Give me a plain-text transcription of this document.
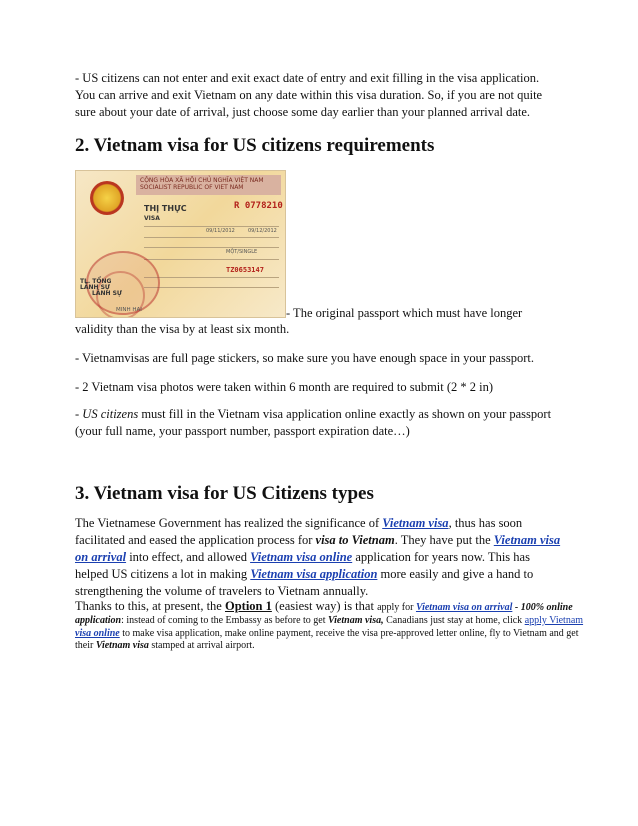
- US citizens can not enter and exit exact date of entry and exit filling in the visa application.

You can arrive and exit Vietnam on any date within this visa duration. So, if you are not quite

sure about your date of arrival, just choose some day earlier than your planned arrival date.

2. Vietnam visa for US citizens requirements
CỘNG HÒA XÃ HỘI CHỦ NGHĨA VIỆT NAM
SOCIALIST REPUBLIC OF VIET NAM
THỊ THỰC
VISA
R 0778210
09/11/2012	09/12/2012
MỘT/SINGLE
TZ0653147
TL. TỔNG LÃNH SỰ
LÃNH SỰ
MINH HAI	- The original passport which must have longer

validity than the visa by at least six month.

- Vietnamvisas are full page stickers, so make sure you have enough space in your passport.

- 2 Vietnam visa photos were taken within 6 month are required to submit (2 * 2 in)

- US citizens must fill in the Vietnam visa application online exactly as shown on your passport

(your full name, your passport number, passport expiration date…)

3. Vietnam visa for US Citizens types

The Vietnamese Government has realized the significance of Vietnam visa, thus has soon

facilitated and eased the application process for visa to Vietnam. They have put the Vietnam visa

on arrival into effect, and allowed Vietnam visa online application for years now. This has

helped US citizens a lot in making Vietnam visa application more easily and give a hand to

strengthening the volume of travelers to Vietnam annually.

Thanks to this, at present, the Option 1 (easiest way) is that apply for Vietnam visa on arrival - 100% online

application: instead of coming to the Embassy as before to get Vietnam visa, Canadians just stay at home, click apply Vietnam

visa online to make visa application, make online payment, receive the visa pre-approved letter online, fly to Vietnam and get

their Vietnam visa stamped at arrival airport.
